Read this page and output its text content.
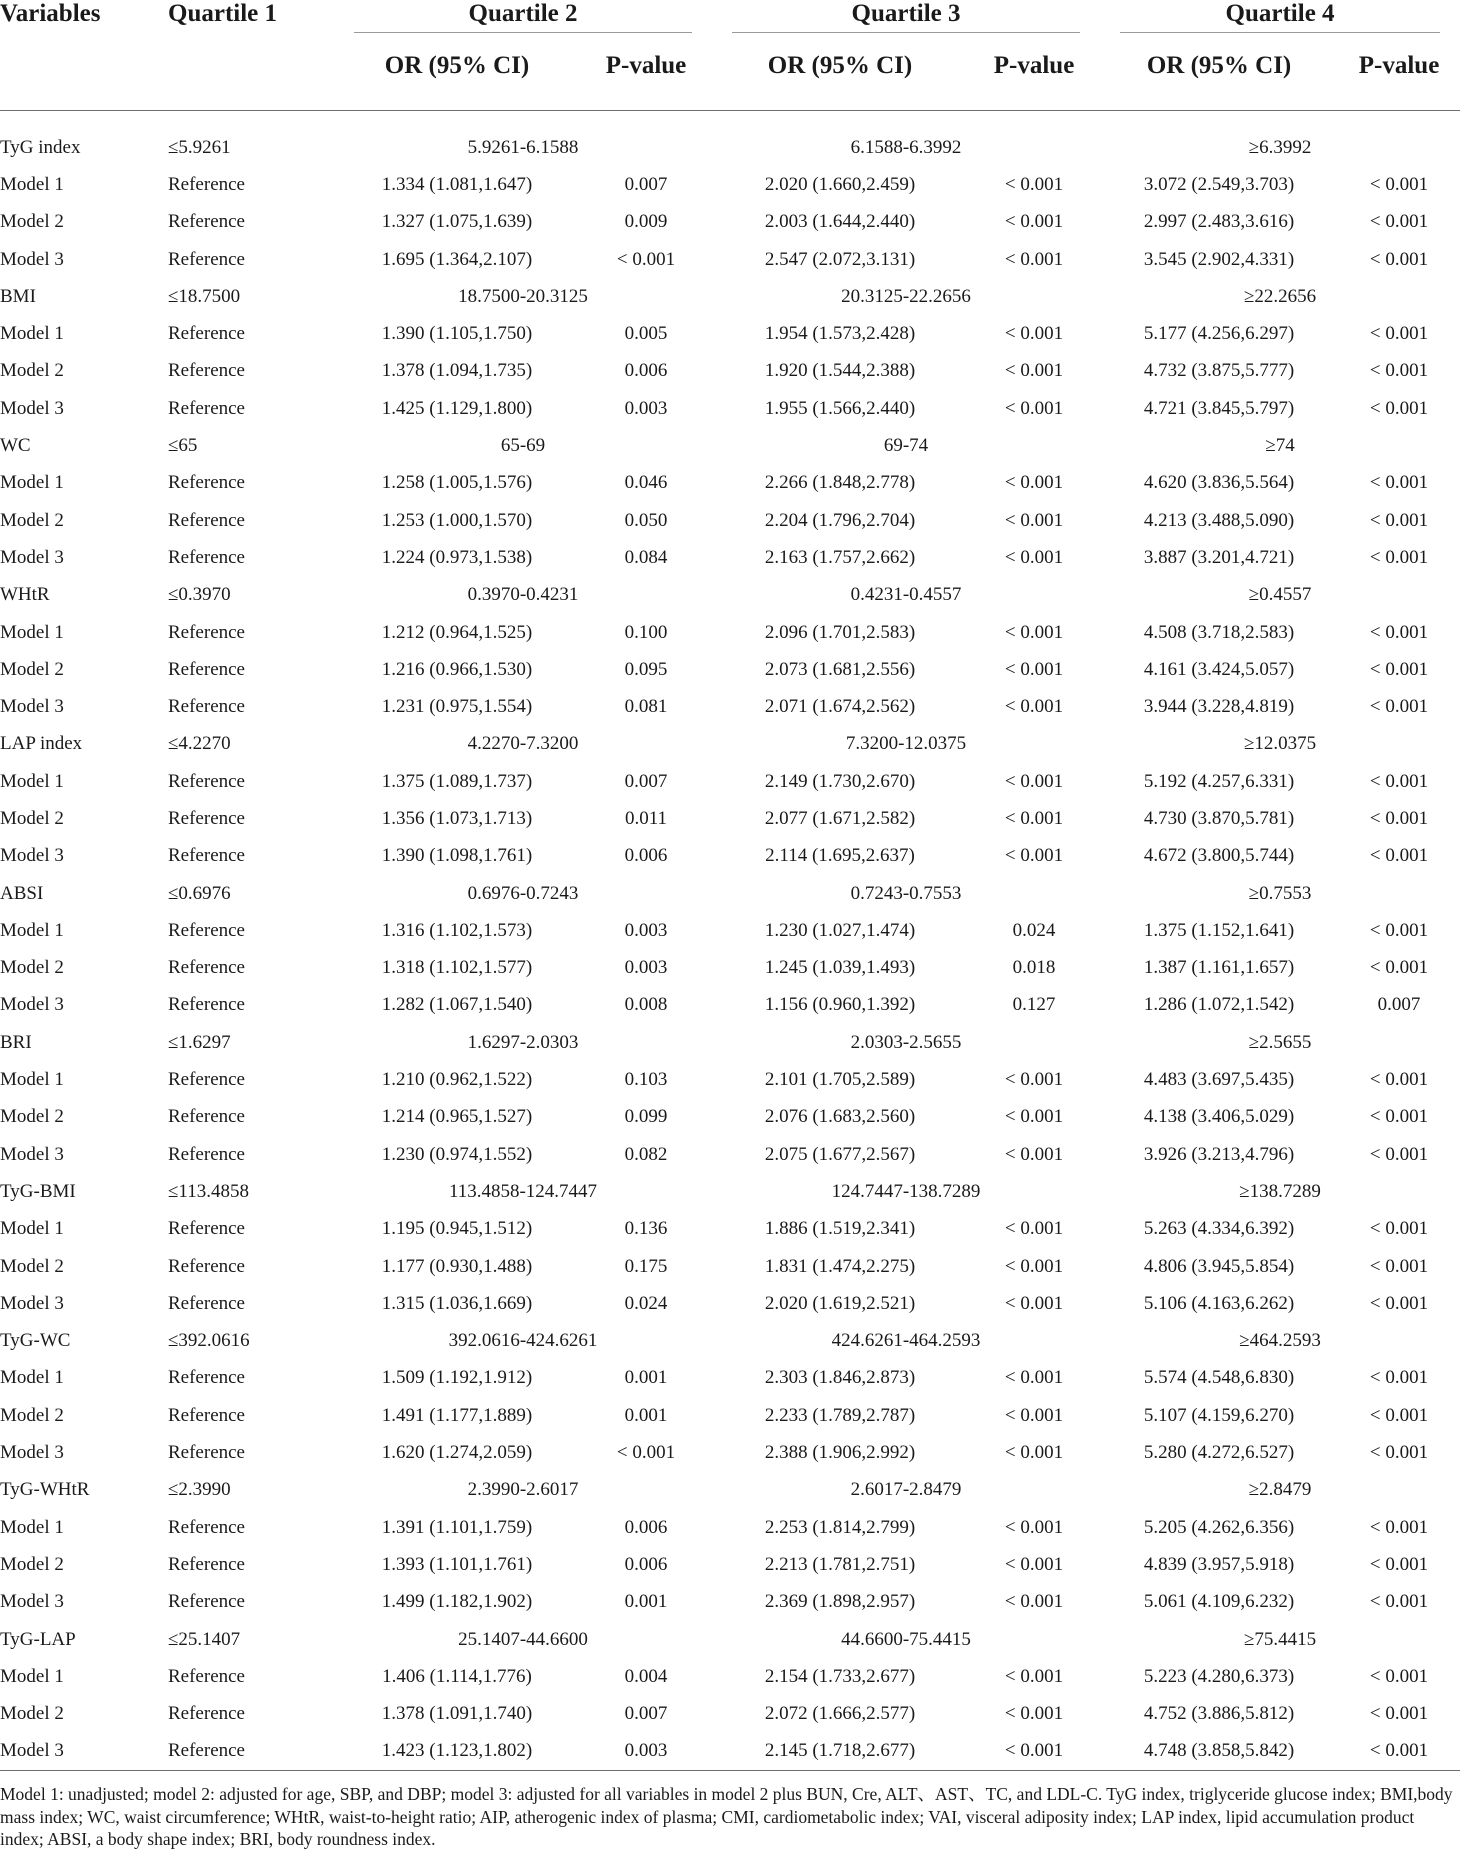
Variables	Quartile 1	Quartile 2		Quartile 3		Quartile 4	

		OR (95% CI)	P-value	OR (95% CI)	P-value	OR (95% CI)	P-value

TyG index	≤5.9261	5.9261-6.1588		6.1588-6.3992		≥6.3992	
Model 1	Reference	1.334 (1.081,1.647)	0.007	2.020 (1.660,2.459)	< 0.001	3.072 (2.549,3.703)	< 0.001
Model 2	Reference	1.327 (1.075,1.639)	0.009	2.003 (1.644,2.440)	< 0.001	2.997 (2.483,3.616)	< 0.001
Model 3	Reference	1.695 (1.364,2.107)	< 0.001	2.547 (2.072,3.131)	< 0.001	3.545 (2.902,4.331)	< 0.001
BMI	≤18.7500	18.7500-20.3125		20.3125-22.2656		≥22.2656	
Model 1	Reference	1.390 (1.105,1.750)	0.005	1.954 (1.573,2.428)	< 0.001	5.177 (4.256,6.297)	< 0.001
Model 2	Reference	1.378 (1.094,1.735)	0.006	1.920 (1.544,2.388)	< 0.001	4.732 (3.875,5.777)	< 0.001
Model 3	Reference	1.425 (1.129,1.800)	0.003	1.955 (1.566,2.440)	< 0.001	4.721 (3.845,5.797)	< 0.001
WC	≤65	65-69		69-74		≥74	
Model 1	Reference	1.258 (1.005,1.576)	0.046	2.266 (1.848,2.778)	< 0.001	4.620 (3.836,5.564)	< 0.001
Model 2	Reference	1.253 (1.000,1.570)	0.050	2.204 (1.796,2.704)	< 0.001	4.213 (3.488,5.090)	< 0.001
Model 3	Reference	1.224 (0.973,1.538)	0.084	2.163 (1.757,2.662)	< 0.001	3.887 (3.201,4.721)	< 0.001
WHtR	≤0.3970	0.3970-0.4231		0.4231-0.4557		≥0.4557	
Model 1	Reference	1.212 (0.964,1.525)	0.100	2.096 (1.701,2.583)	< 0.001	4.508 (3.718,2.583)	< 0.001
Model 2	Reference	1.216 (0.966,1.530)	0.095	2.073 (1.681,2.556)	< 0.001	4.161 (3.424,5.057)	< 0.001
Model 3	Reference	1.231 (0.975,1.554)	0.081	2.071 (1.674,2.562)	< 0.001	3.944 (3.228,4.819)	< 0.001
LAP index	≤4.2270	4.2270-7.3200		7.3200-12.0375		≥12.0375	
Model 1	Reference	1.375 (1.089,1.737)	0.007	2.149 (1.730,2.670)	< 0.001	5.192 (4.257,6.331)	< 0.001
Model 2	Reference	1.356 (1.073,1.713)	0.011	2.077 (1.671,2.582)	< 0.001	4.730 (3.870,5.781)	< 0.001
Model 3	Reference	1.390 (1.098,1.761)	0.006	2.114 (1.695,2.637)	< 0.001	4.672 (3.800,5.744)	< 0.001
ABSI	≤0.6976	0.6976-0.7243		0.7243-0.7553		≥0.7553	
Model 1	Reference	1.316 (1.102,1.573)	0.003	1.230 (1.027,1.474)	0.024	1.375 (1.152,1.641)	< 0.001
Model 2	Reference	1.318 (1.102,1.577)	0.003	1.245 (1.039,1.493)	0.018	1.387 (1.161,1.657)	< 0.001
Model 3	Reference	1.282 (1.067,1.540)	0.008	1.156 (0.960,1.392)	0.127	1.286 (1.072,1.542)	0.007
BRI	≤1.6297	1.6297-2.0303		2.0303-2.5655		≥2.5655	
Model 1	Reference	1.210 (0.962,1.522)	0.103	2.101 (1.705,2.589)	< 0.001	4.483 (3.697,5.435)	< 0.001
Model 2	Reference	1.214 (0.965,1.527)	0.099	2.076 (1.683,2.560)	< 0.001	4.138 (3.406,5.029)	< 0.001
Model 3	Reference	1.230 (0.974,1.552)	0.082	2.075 (1.677,2.567)	< 0.001	3.926 (3.213,4.796)	< 0.001
TyG-BMI	≤113.4858	113.4858-124.7447		124.7447-138.7289		≥138.7289	
Model 1	Reference	1.195 (0.945,1.512)	0.136	1.886 (1.519,2.341)	< 0.001	5.263 (4.334,6.392)	< 0.001
Model 2	Reference	1.177 (0.930,1.488)	0.175	1.831 (1.474,2.275)	< 0.001	4.806 (3.945,5.854)	< 0.001
Model 3	Reference	1.315 (1.036,1.669)	0.024	2.020 (1.619,2.521)	< 0.001	5.106 (4.163,6.262)	< 0.001
TyG-WC	≤392.0616	392.0616-424.6261		424.6261-464.2593		≥464.2593	
Model 1	Reference	1.509 (1.192,1.912)	0.001	2.303 (1.846,2.873)	< 0.001	5.574 (4.548,6.830)	< 0.001
Model 2	Reference	1.491 (1.177,1.889)	0.001	2.233 (1.789,2.787)	< 0.001	5.107 (4.159,6.270)	< 0.001
Model 3	Reference	1.620 (1.274,2.059)	< 0.001	2.388 (1.906,2.992)	< 0.001	5.280 (4.272,6.527)	< 0.001
TyG-WHtR	≤2.3990	2.3990-2.6017		2.6017-2.8479		≥2.8479	
Model 1	Reference	1.391 (1.101,1.759)	0.006	2.253 (1.814,2.799)	< 0.001	5.205 (4.262,6.356)	< 0.001
Model 2	Reference	1.393 (1.101,1.761)	0.006	2.213 (1.781,2.751)	< 0.001	4.839 (3.957,5.918)	< 0.001
Model 3	Reference	1.499 (1.182,1.902)	0.001	2.369 (1.898,2.957)	< 0.001	5.061 (4.109,6.232)	< 0.001
TyG-LAP	≤25.1407	25.1407-44.6600		44.6600-75.4415		≥75.4415	
Model 1	Reference	1.406 (1.114,1.776)	0.004	2.154 (1.733,2.677)	< 0.001	5.223 (4.280,6.373)	< 0.001
Model 2	Reference	1.378 (1.091,1.740)	0.007	2.072 (1.666,2.577)	< 0.001	4.752 (3.886,5.812)	< 0.001
Model 3	Reference	1.423 (1.123,1.802)	0.003	2.145 (1.718,2.677)	< 0.001	4.748 (3.858,5.842)	< 0.001
Model 1: unadjusted; model 2: adjusted for age, SBP, and DBP; model 3: adjusted for all variables in model 2 plus BUN, Cre, ALT、AST、TC, and LDL-C. TyG index, triglyceride glucose index; BMI,body mass index; WC, waist circumference; WHtR, waist-to-height ratio; AIP, atherogenic index of plasma; CMI, cardiometabolic index; VAI, visceral adiposity index; LAP index, lipid accumulation product index; ABSI, a body shape index; BRI, body roundness index.							
